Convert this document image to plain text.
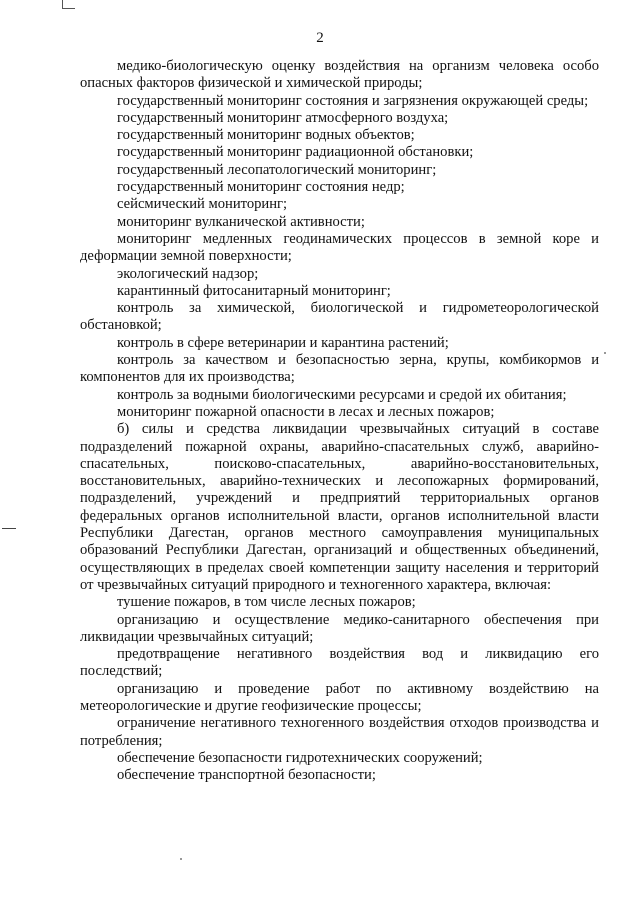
2

медико-биологическую оценку воздействия на организм человека особо опасных факторов физической и химической природы;

государственный мониторинг состояния и загрязнения окружающей среды;

государственный мониторинг атмосферного воздуха;

государственный мониторинг водных объектов;

государственный мониторинг радиационной обстановки;

государственный лесопатологический мониторинг;

государственный мониторинг состояния недр;

сейсмический мониторинг;

мониторинг вулканической активности;

мониторинг медленных геодинамических процессов в земной коре и деформации земной поверхности;

экологический надзор;

карантинный фитосанитарный мониторинг;

контроль за химической, биологической и гидрометеорологической обстановкой;

контроль в сфере ветеринарии и карантина растений;

контроль за качеством и безопасностью зерна, крупы, комбикормов и компонентов для их производства;

контроль за водными биологическими ресурсами и средой их обитания;

мониторинг пожарной опасности в лесах и лесных пожаров;

б) силы и средства ликвидации чрезвычайных ситуаций в составе подразделений пожарной охраны, аварийно-спасательных служб, аварийно-спасательных, поисково-спасательных, аварийно-восстановительных, восстановительных, аварийно-технических и лесопожарных формирований, подразделений, учреждений и предприятий территориальных органов федеральных органов исполнительной власти, органов исполнительной власти Республики Дагестан, органов местного самоуправления муниципальных образований Республики Дагестан, организаций и общественных объединений, осуществляющих в пределах своей компетенции защиту населения и территорий от чрезвычайных ситуаций природного и техногенного характера, включая:

тушение пожаров, в том числе лесных пожаров;

организацию и осуществление медико-санитарного обеспечения при ликвидации чрезвычайных ситуаций;

предотвращение негативного воздействия вод и ликвидацию его последствий;

организацию и проведение работ по активному воздействию на метеорологические и другие геофизические процессы;

ограничение негативного техногенного воздействия отходов производства и потребления;

обеспечение безопасности гидротехнических сооружений;

обеспечение транспортной безопасности;
